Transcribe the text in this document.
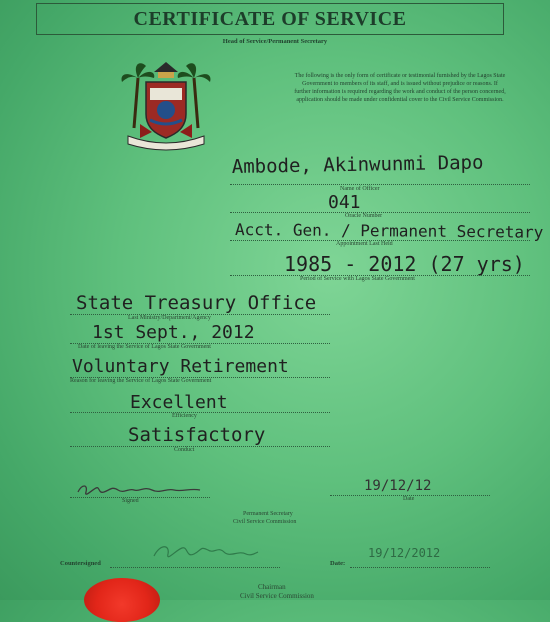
CERTIFICATE OF SERVICE
Head of Service/Permanent Secretary
The following is the only form of certificate or testimonial furnished by the Lagos State Government to members of its staff, and is issued without prejudice or reasons. If further information is required regarding the work and conduct of the person concerned, application should be made under confidential cover to the Civil Service Commission.
Ambode, Akinwunmi Dapo
Name of Officer
041
Oracle Number
Acct. Gen. / Permanent Secretary
Appointment Last Held
1985 - 2012 (27 yrs)
Period of Service with Lagos State Government
State Treasury Office
Last Ministry/Department/Agency
1st Sept., 2012
Date of leaving the Service of Lagos State Government
Voluntary Retirement
Reason for leaving the Service of Lagos State Government
Excellent
Efficiency
Satisfactory
Conduct
Signed
19/12/12
Date
Permanent Secretary
Civil Service Commission
Countersigned	Date:
19/12/2012
Chairman
Civil Service Commission
